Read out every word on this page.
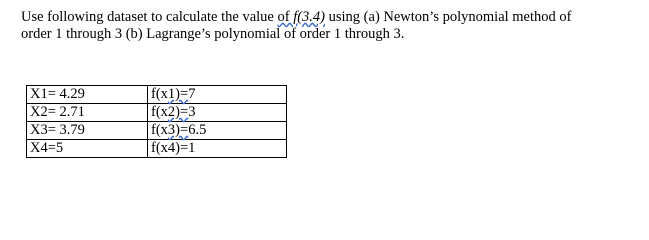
Use following dataset to calculate the value of f(3.4) using (a) Newton’s polynomial method of
order 1 through 3 (b) Lagrange’s polynomial of order 1 through 3.
X1= 4.29	f(x1)=7
X2= 2.71	f(x2)=3
X3= 3.79	f(x3)=6.5
X4=5	f(x4)=1
